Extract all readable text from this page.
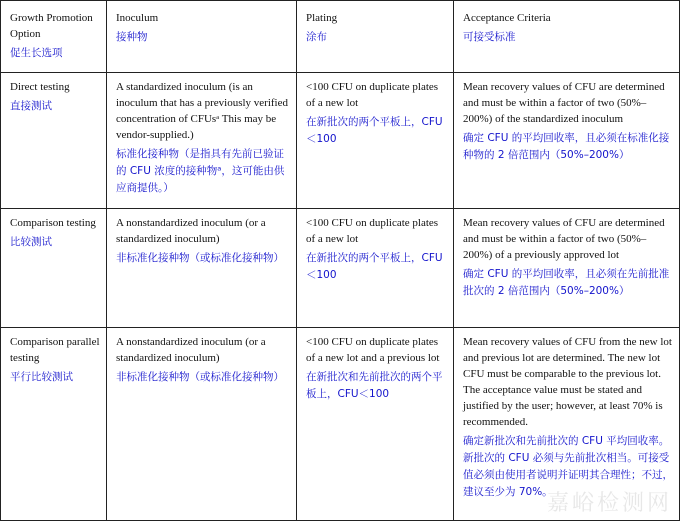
Growth Promotion Option
促生长选项	Inoculum
接种物	Plating
涂布	Acceptance Criteria
可接受标准

Direct testing
直接测试	A standardized inoculum (is an inoculum that has a previously verified concentration of CFUsᵃ This may be vendor-supplied.)
标准化接种物（是指具有先前已验证的 CFU 浓度的接种物ᵃ，这可能由供应商提供。）	<100 CFU on duplicate plates of a new lot
在新批次的两个平板上，CFU＜100	Mean recovery values of CFU are determined and must be within a factor of two (50%–200%) of the standardized inoculum
确定 CFU 的平均回收率，且必须在标准化接种物的 2 倍范围内（50%–200%）

Comparison testing
比较测试	A nonstandardized inoculum (or a standardized inoculum)
非标准化接种物（或标准化接种物）	<100 CFU on duplicate plates of a new lot
在新批次的两个平板上，CFU＜100	Mean recovery values of CFU are determined and must be within a factor of two (50%–200%) of a previously approved lot
确定 CFU 的平均回收率，且必须在先前批准批次的 2 倍范围内（50%–200%）

Comparison parallel testing
平行比较测试	A nonstandardized inoculum (or a standardized inoculum)
非标准化接种物（或标准化接种物）	<100 CFU on duplicate plates of a new lot and a previous lot
在新批次和先前批次的两个平板上，CFU＜100	Mean recovery values of CFU from the new lot and previous lot are determined. The new lot CFU must be comparable to the previous lot. The acceptance value must be stated and justified by the user; however, at least 70% is recommended.
确定新批次和先前批次的 CFU 平均回收率。新批次的 CFU 必须与先前批次相当。可接受值必须由使用者说明并证明其合理性；不过，建议至少为 70%。
嘉峪检测网
